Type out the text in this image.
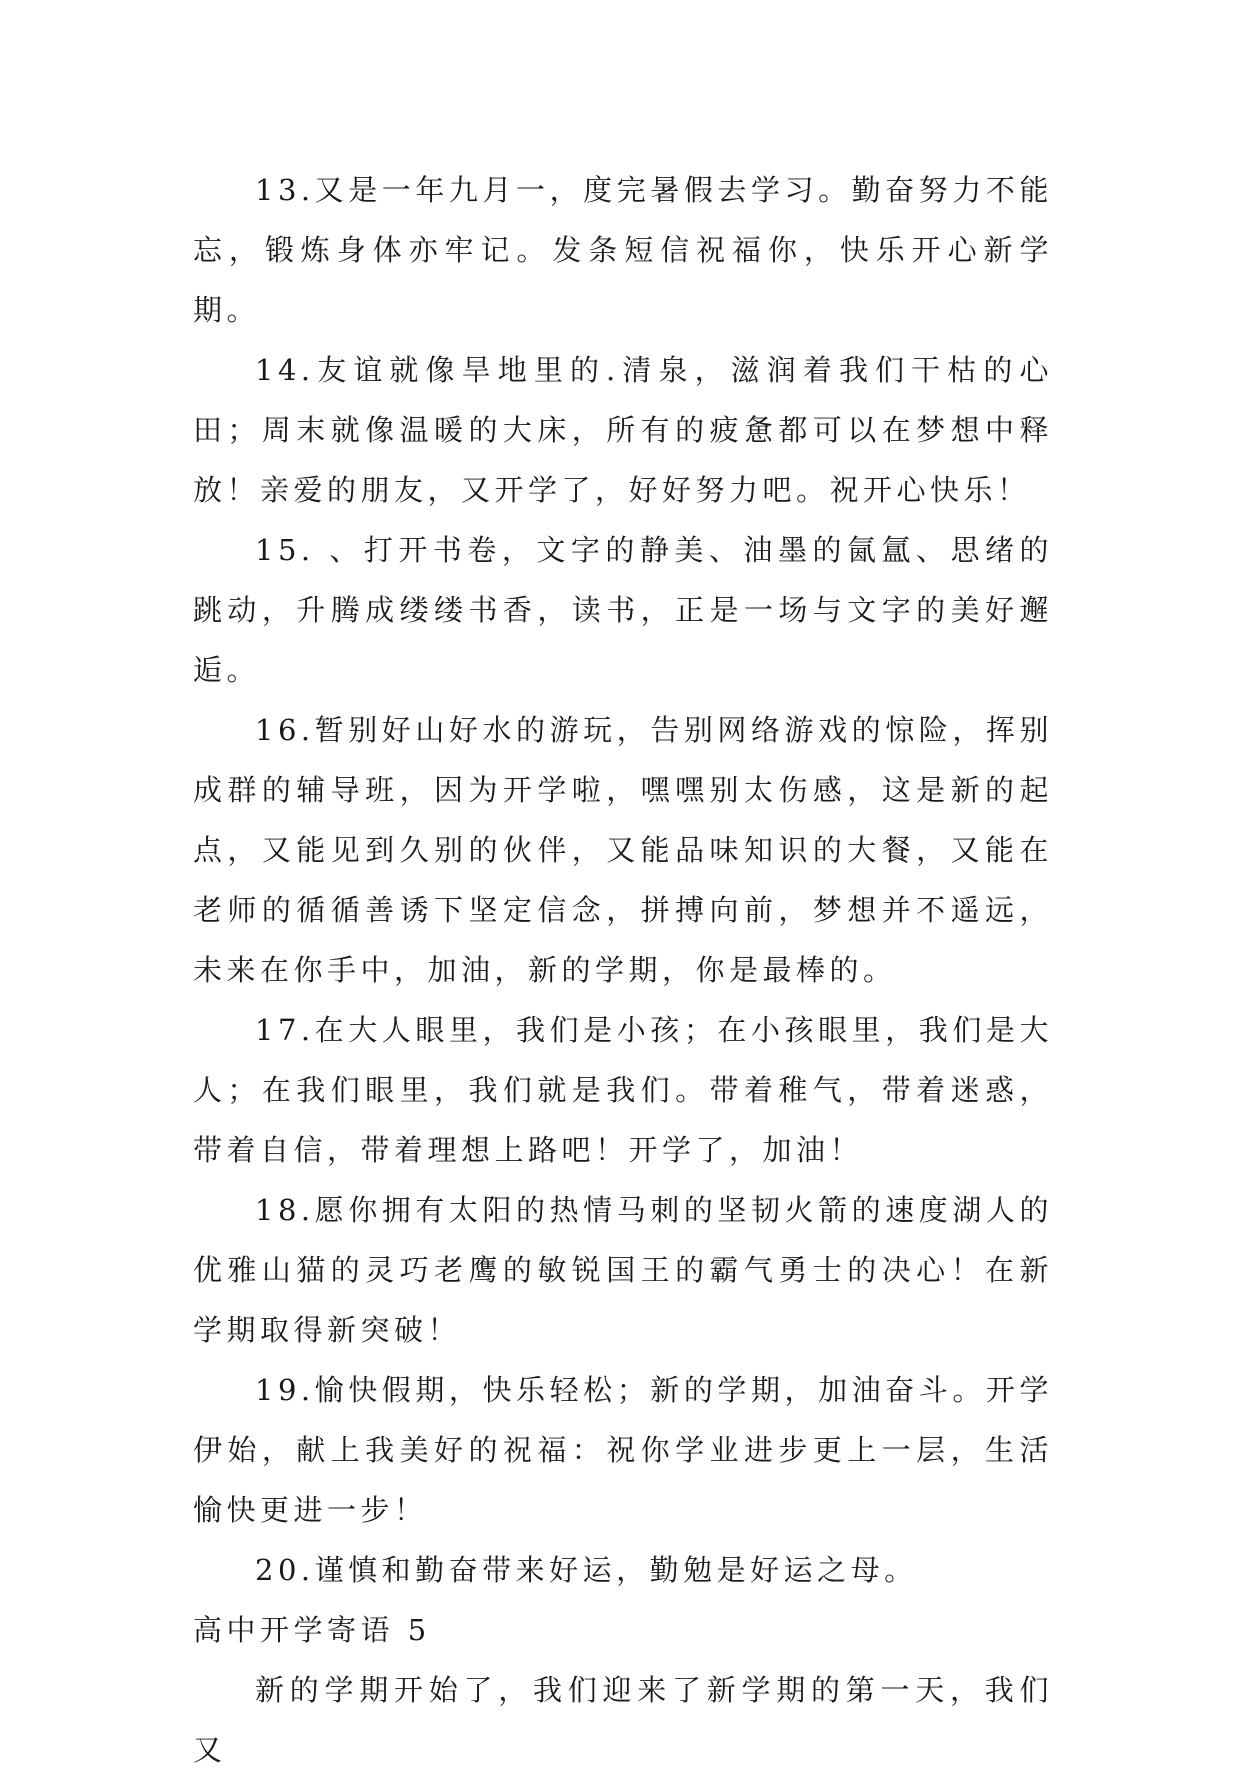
13.又是一年九月一，度完暑假去学习。勤奋努力不能忘，锻炼身体亦牢记。发条短信祝福你，快乐开心新学期。

14.友谊就像旱地里的.清泉，滋润着我们干枯的心田；周末就像温暖的大床，所有的疲惫都可以在梦想中释放！亲爱的朋友，又开学了，好好努力吧。祝开心快乐！

15. 、打开书卷，文字的静美、油墨的氤氲、思绪的跳动，升腾成缕缕书香，读书，正是一场与文字的美好邂逅。

16.暂别好山好水的游玩，告别网络游戏的惊险，挥别成群的辅导班，因为开学啦，嘿嘿别太伤感，这是新的起点，又能见到久别的伙伴，又能品味知识的大餐，又能在老师的循循善诱下坚定信念，拼搏向前，梦想并不遥远，未来在你手中，加油，新的学期，你是最棒的。

17.在大人眼里，我们是小孩；在小孩眼里，我们是大人；在我们眼里，我们就是我们。带着稚气，带着迷惑，带着自信，带着理想上路吧！开学了，加油！

18.愿你拥有太阳的热情马刺的坚韧火箭的速度湖人的优雅山猫的灵巧老鹰的敏锐国王的霸气勇士的决心！在新学期取得新突破！

19.愉快假期，快乐轻松；新的学期，加油奋斗。开学伊始，献上我美好的祝福：祝你学业进步更上一层，生活愉快更进一步！

20.谨慎和勤奋带来好运，勤勉是好运之母。

高中开学寄语 5

新的学期开始了，我们迎来了新学期的第一天，我们又
